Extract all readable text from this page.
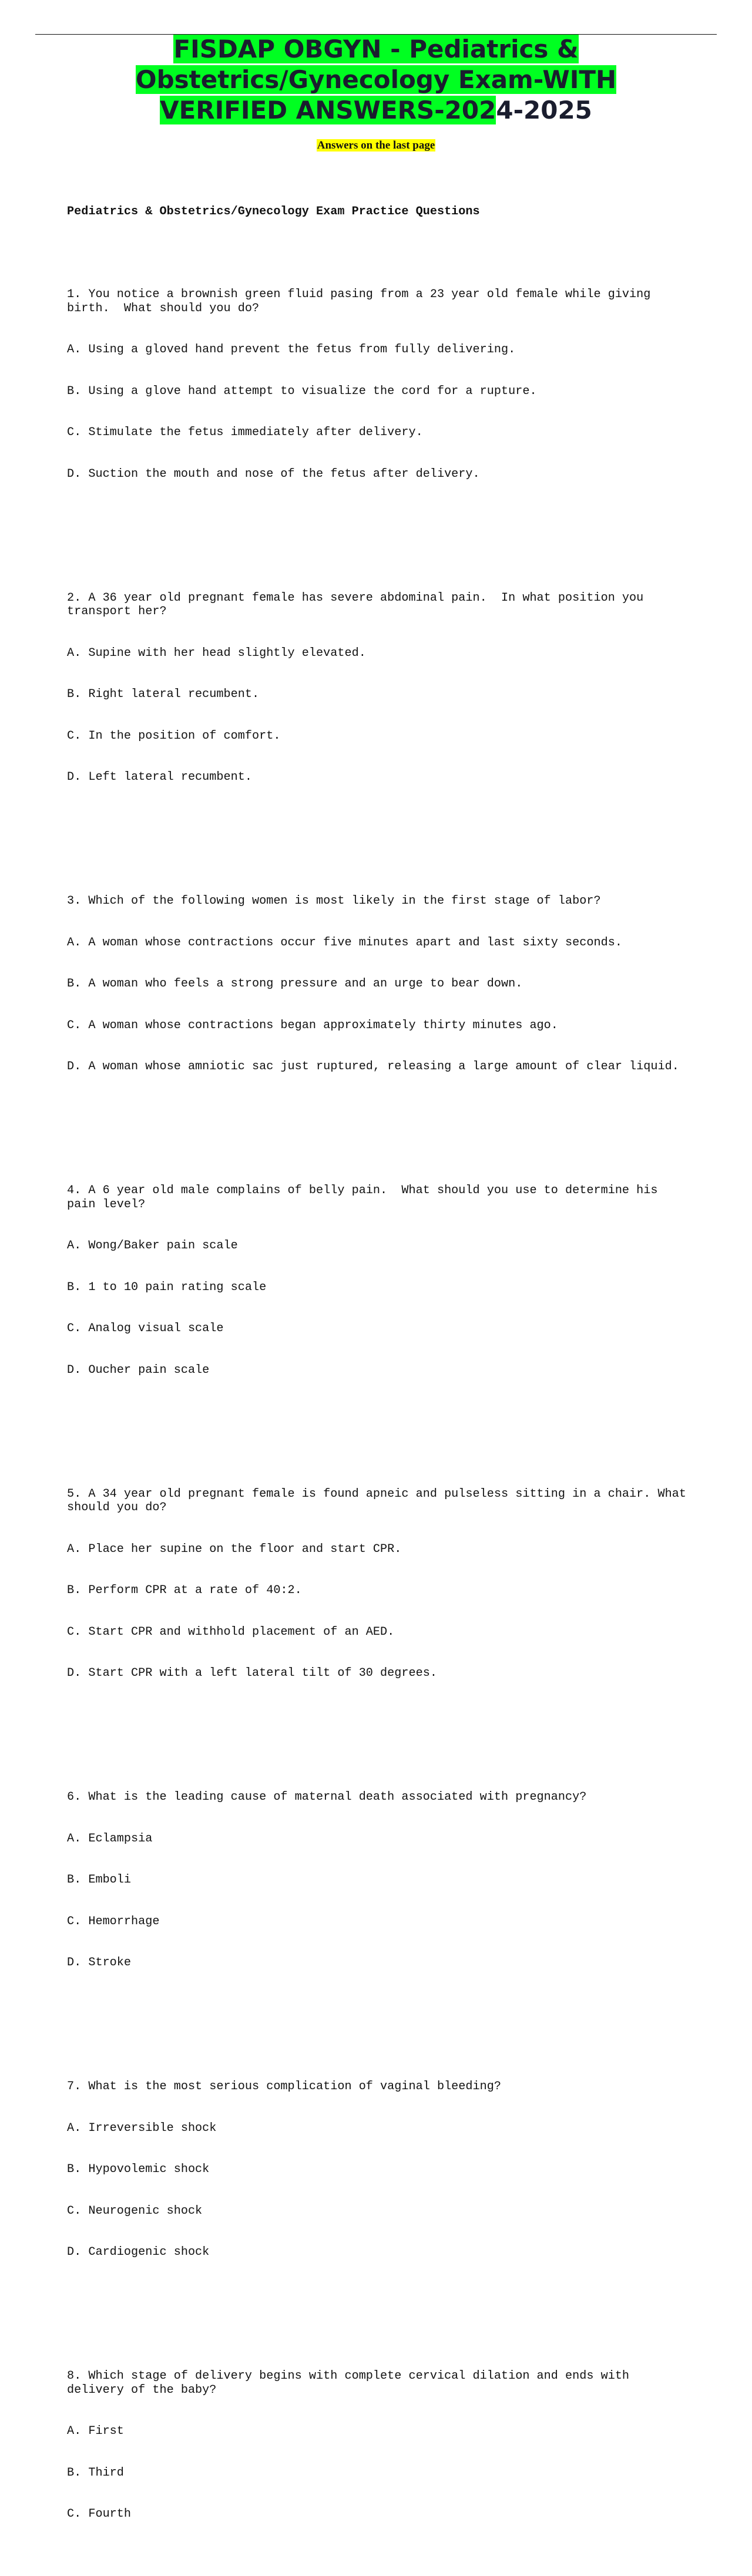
FISDAP OBGYN - Pediatrics &
Obstetrics/Gynecology Exam-WITH
VERIFIED ANSWERS-2024-2025
Answers on the last page

Pediatrics & Obstetrics/Gynecology Exam Practice Questions

1. You notice a brownish green fluid pasing from a 23 year old female while giving birth.  What should you do?

A. Using a gloved hand prevent the fetus from fully delivering.

B. Using a glove hand attempt to visualize the cord for a rupture.

C. Stimulate the fetus immediately after delivery.

D. Suction the mouth and nose of the fetus after delivery.

2. A 36 year old pregnant female has severe abdominal pain.  In what position you transport her?

A. Supine with her head slightly elevated.

B. Right lateral recumbent.

C. In the position of comfort.

D. Left lateral recumbent.

3. Which of the following women is most likely in the first stage of labor?

A. A woman whose contractions occur five minutes apart and last sixty seconds.

B. A woman who feels a strong pressure and an urge to bear down.

C. A woman whose contractions began approximately thirty minutes ago.

D. A woman whose amniotic sac just ruptured, releasing a large amount of clear liquid.

4. A 6 year old male complains of belly pain.  What should you use to determine his pain level?

A. Wong/Baker pain scale

B. 1 to 10 pain rating scale

C. Analog visual scale

D. Oucher pain scale

5. A 34 year old pregnant female is found apneic and pulseless sitting in a chair. What should you do?

A. Place her supine on the floor and start CPR.

B. Perform CPR at a rate of 40:2.

C. Start CPR and withhold placement of an AED.

D. Start CPR with a left lateral tilt of 30 degrees.

6. What is the leading cause of maternal death associated with pregnancy?

A. Eclampsia

B. Emboli

C. Hemorrhage

D. Stroke

7. What is the most serious complication of vaginal bleeding?

A. Irreversible shock

B. Hypovolemic shock

C. Neurogenic shock

D. Cardiogenic shock

8. Which stage of delivery begins with complete cervical dilation and ends with delivery of the baby?

A. First

B. Third

C. Fourth
